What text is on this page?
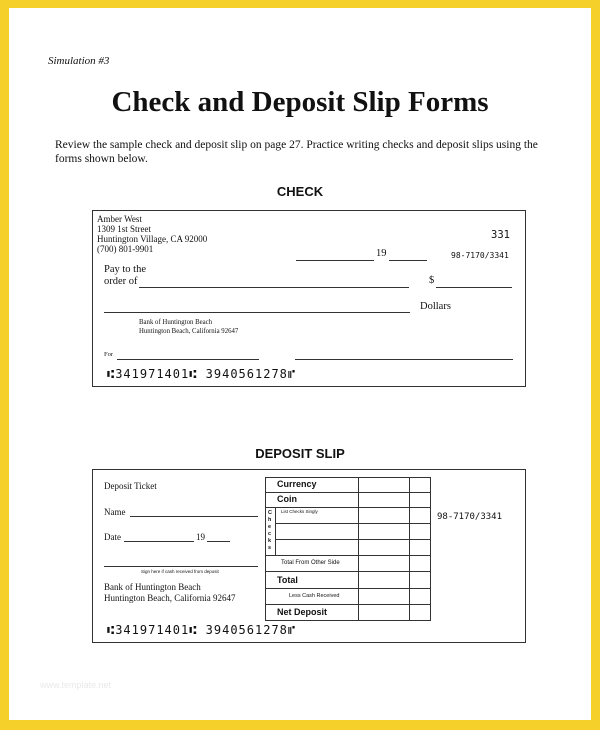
Simulation #3
Check and Deposit Slip Forms
Review the sample check and deposit slip on page 27. Practice writing checks and deposit slips using the forms shown below.
CHECK
Amber West
1309 1st Street
Huntington Village, CA 92000
(700) 801-9901
331
19	98-7170/3341
Pay to the
order of	$
Dollars
Bank of Huntington Beach
Huntington Beach, California 92647
For
⑆341971401⑆ 3940561278⑈
DEPOSIT SLIP
Deposit Ticket
Name
Date	19
Sign here if cash received from deposit
Bank of Huntington Beach
Huntington Beach, California 92647
98-7170/3341
Currency
Coin
Checks
List Checks Singly
Total From Other Side
Total
Less Cash Received
Net Deposit
⑆341971401⑆ 3940561278⑈
www.template.net
